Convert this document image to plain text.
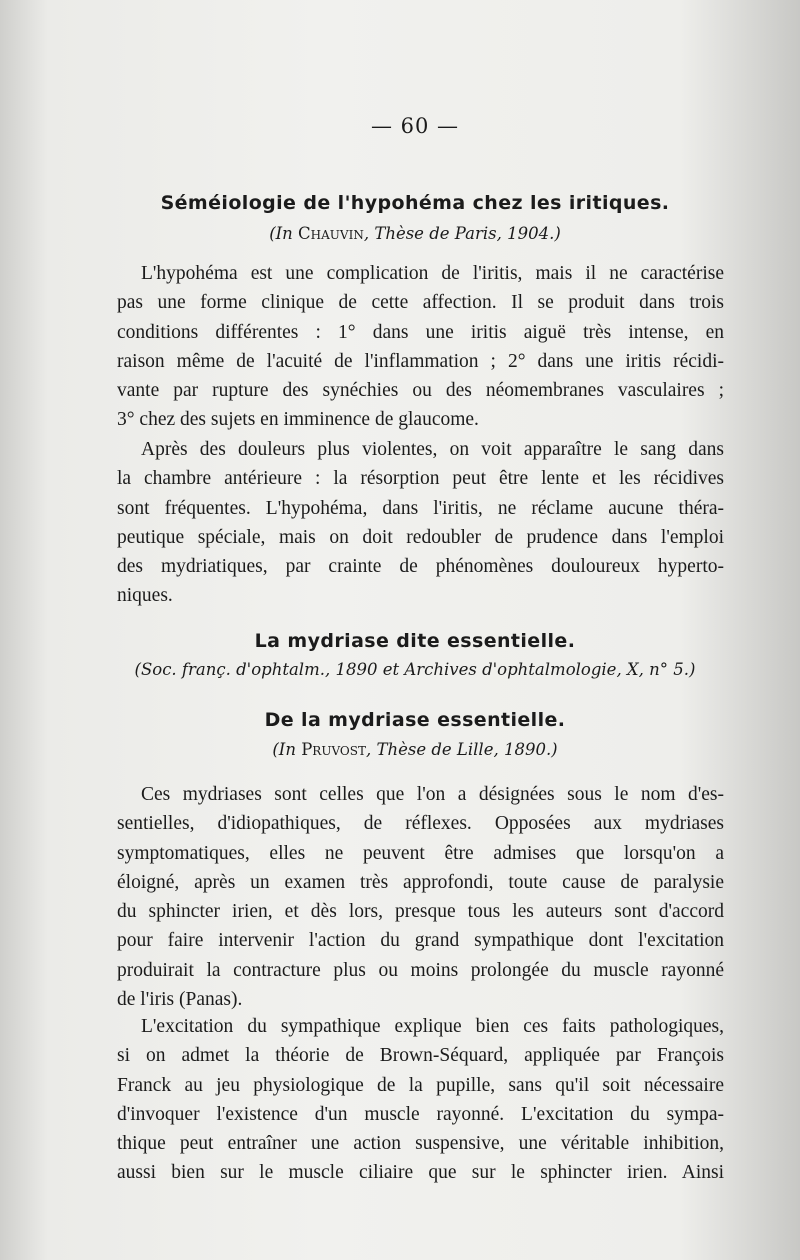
— 60 —
Séméiologie de l'hypohéma chez les iritiques.
(In Chauvin, Thèse de Paris, 1904.)
L'hypohéma est une complication de l'iritis, mais il ne caractérise
pas une forme clinique de cette affection. Il se produit dans trois
conditions différentes : 1° dans une iritis aiguë très intense, en
raison même de l'acuité de l'inflammation ; 2° dans une iritis récidi-
vante par rupture des synéchies ou des néomembranes vasculaires ;
3° chez des sujets en imminence de glaucome.
Après des douleurs plus violentes, on voit apparaître le sang dans
la chambre antérieure : la résorption peut être lente et les récidives
sont fréquentes. L'hypohéma, dans l'iritis, ne réclame aucune théra-
peutique spéciale, mais on doit redoubler de prudence dans l'emploi
des mydriatiques, par crainte de phénomènes douloureux hyperto-
niques.
La mydriase dite essentielle.
(Soc. franç. d'ophtalm., 1890 et Archives d'ophtalmologie, X, n° 5.)
De la mydriase essentielle.
(In Pruvost, Thèse de Lille, 1890.)
Ces mydriases sont celles que l'on a désignées sous le nom d'es-
sentielles, d'idiopathiques, de réflexes. Opposées aux mydriases
symptomatiques, elles ne peuvent être admises que lorsqu'on a
éloigné, après un examen très approfondi, toute cause de paralysie
du sphincter irien, et dès lors, presque tous les auteurs sont d'accord
pour faire intervenir l'action du grand sympathique dont l'excitation
produirait la contracture plus ou moins prolongée du muscle rayonné
de l'iris (Panas).
L'excitation du sympathique explique bien ces faits pathologiques,
si on admet la théorie de Brown-Séquard, appliquée par François
Franck au jeu physiologique de la pupille, sans qu'il soit nécessaire
d'invoquer l'existence d'un muscle rayonné. L'excitation du sympa-
thique peut entraîner une action suspensive, une véritable inhibition,
aussi bien sur le muscle ciliaire que sur le sphincter irien. Ainsi
